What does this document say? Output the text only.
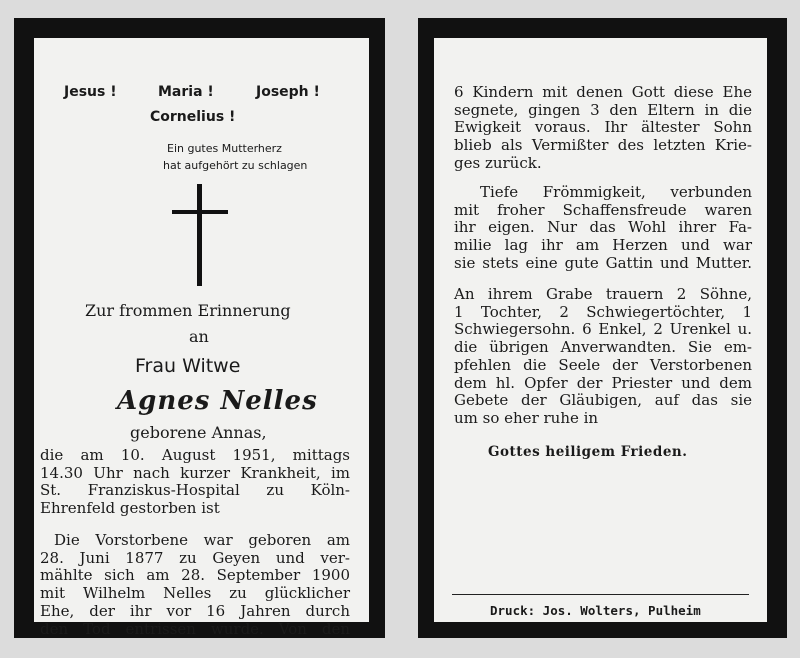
Jesus !	Maria !	Joseph !
Cornelius !
Ein gutes Mutterherz
hat aufgehört zu schlagen
Zur frommen Erinnerung
an
Frau Witwe
Agnes Nelles
geborene Annas,
die am 10. August 1951, mittags
14.30 Uhr nach kurzer Krankheit, im
St. Franziskus-Hospital zu Köln-
Ehrenfeld gestorben ist
Die Vorstorbene war geboren am
28. Juni 1877 zu Geyen und ver-
mählte sich am 28. September 1900
mit Wilhelm Nelles zu glücklicher
Ehe, der ihr vor 16 Jahren durch
den Tod entrissen wurde. Von den
6 Kindern mit denen Gott diese Ehe
segnete, gingen 3 den Eltern in die
Ewigkeit voraus. Ihr ältester Sohn
blieb als Vermißter des letzten Krie-
ges zurück.
Tiefe Frömmigkeit, verbunden
mit froher Schaffensfreude waren
ihr eigen. Nur das Wohl ihrer Fa-
milie lag ihr am Herzen und war
sie stets eine gute Gattin und Mutter.
An ihrem Grabe trauern 2 Söhne,
1 Tochter, 2 Schwiegertöchter, 1
Schwiegersohn. 6 Enkel, 2 Urenkel u.
die übrigen Anverwandten. Sie em-
pfehlen die Seele der Verstorbenen
dem hl. Opfer der Priester und dem
Gebete der Gläubigen, auf das sie
um so eher ruhe in
Gottes heiligem Frieden.
Druck: Jos. Wolters, Pulheim
